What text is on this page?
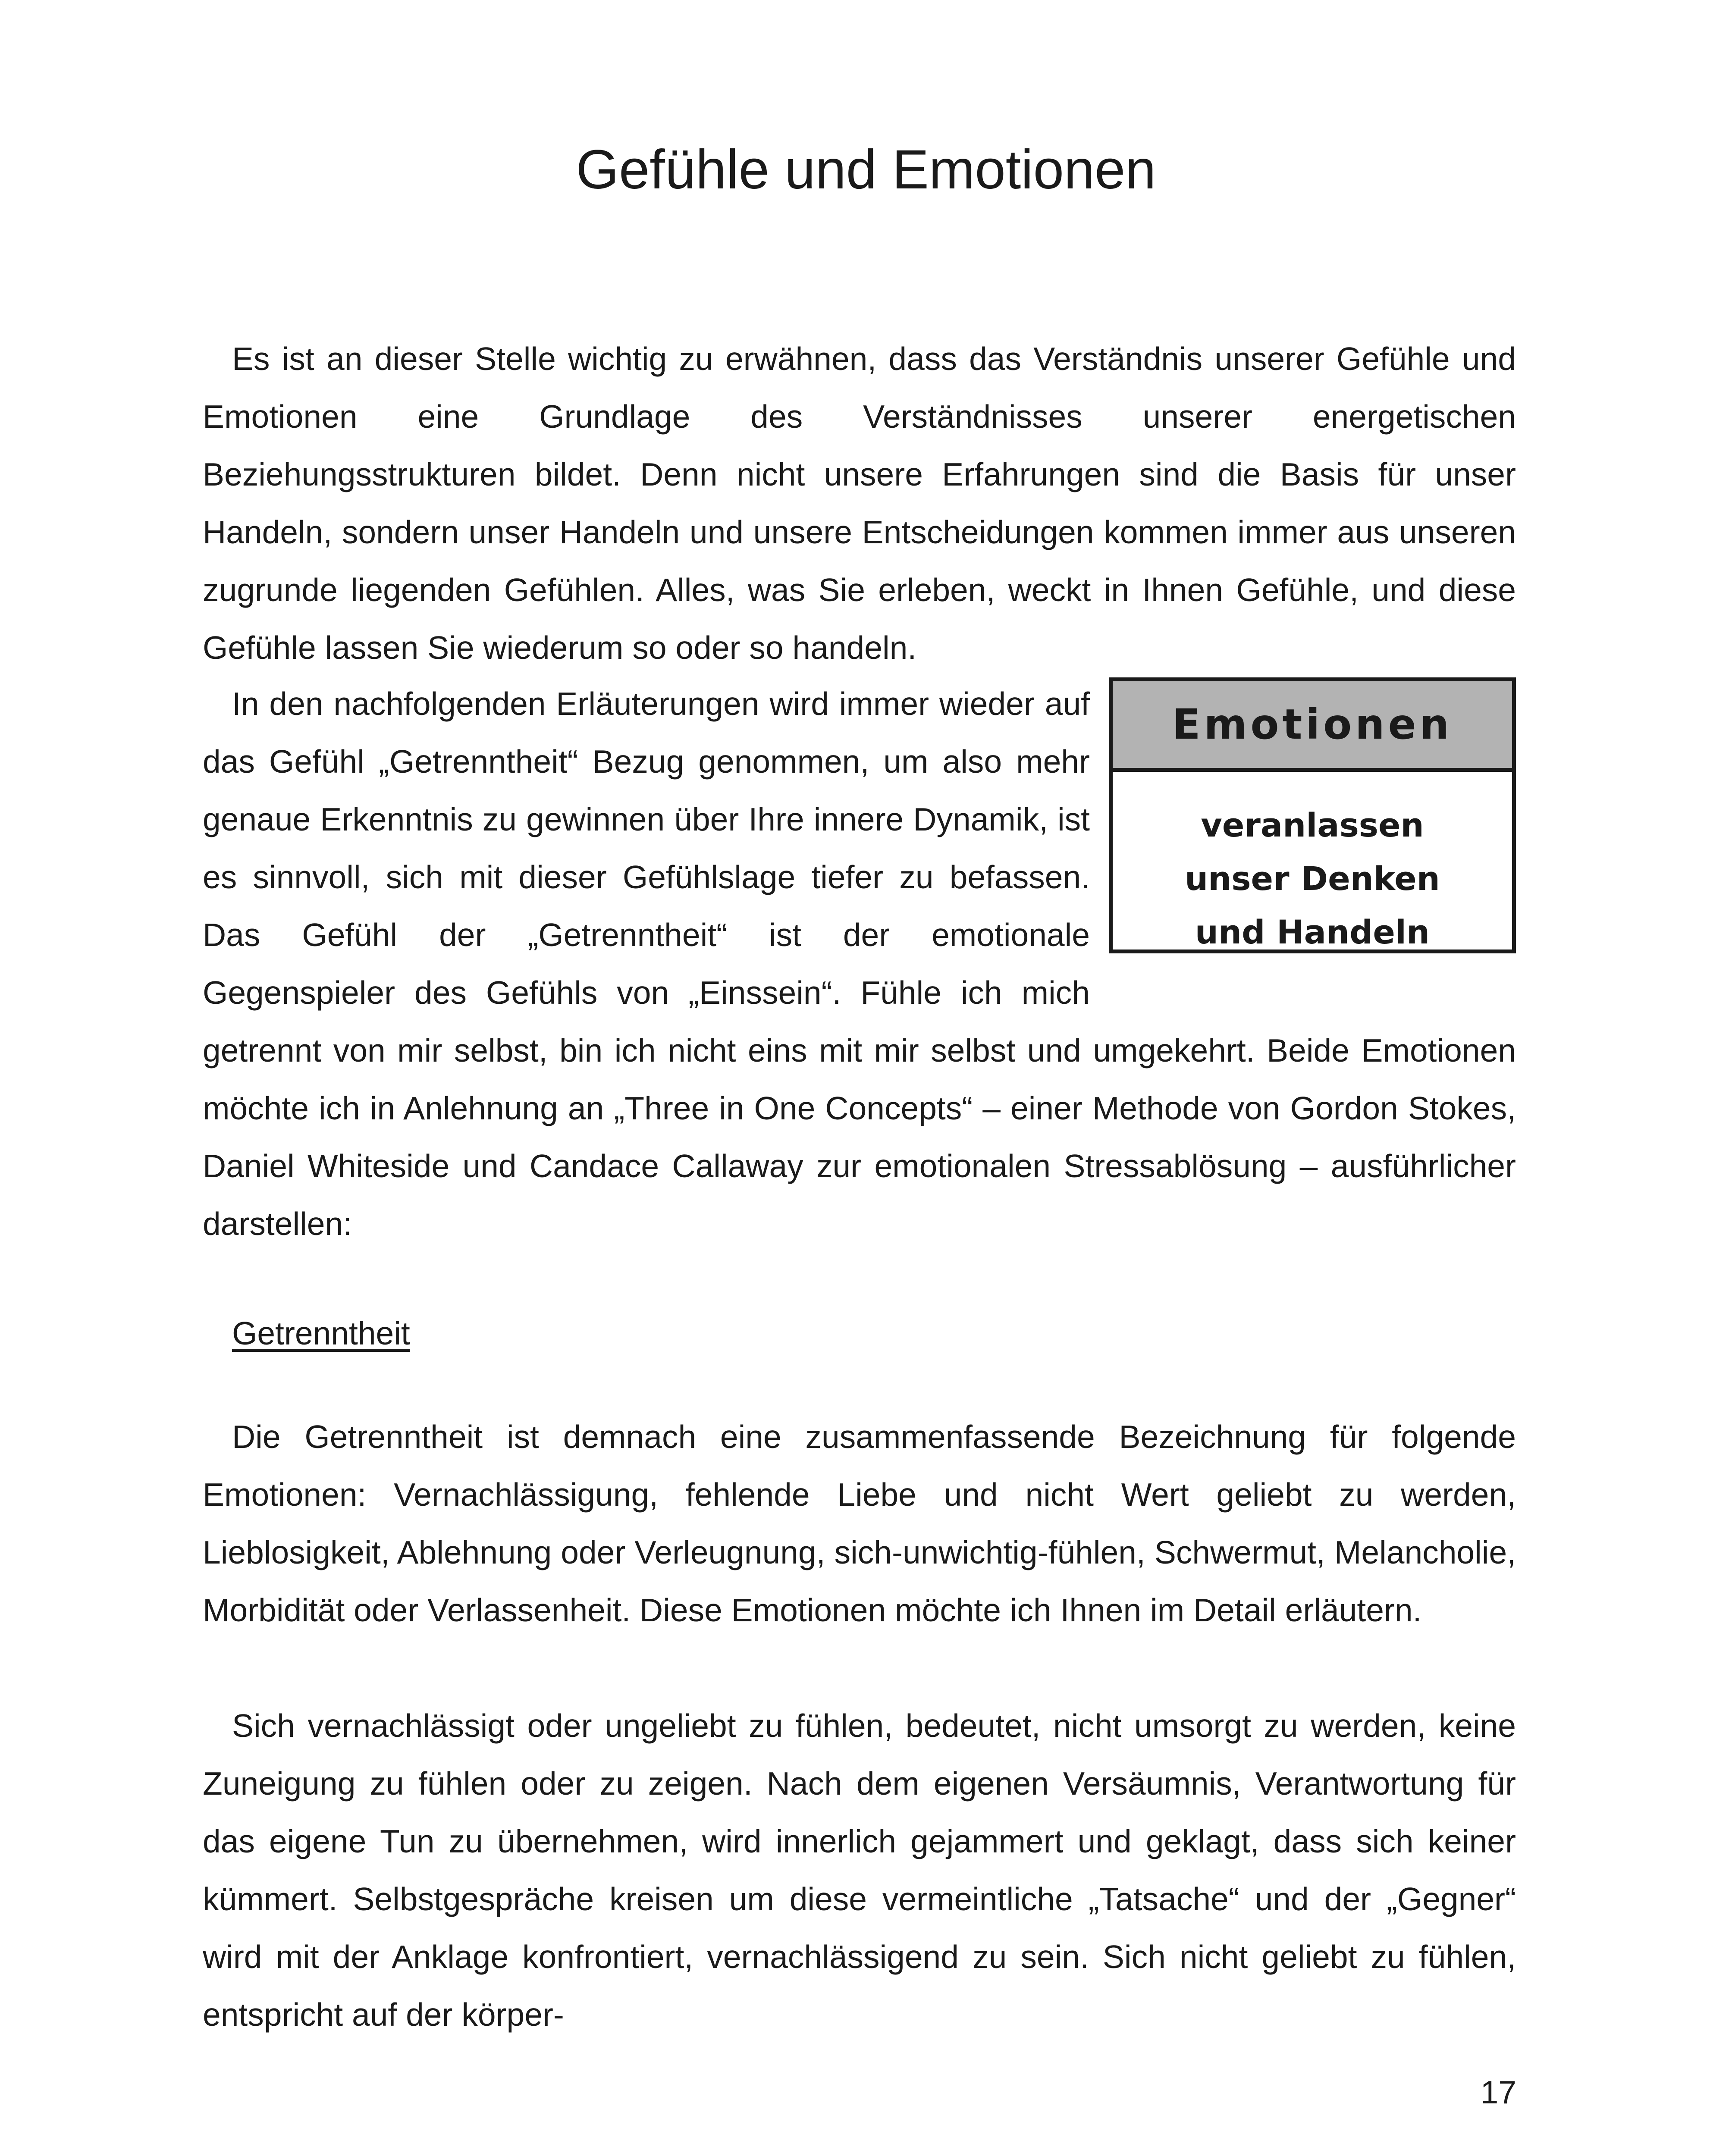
Gefühle und Emotionen

Es ist an dieser Stelle wichtig zu erwähnen, dass das Verständnis unserer Gefühle und Emotionen eine Grundlage des Verständnisses unserer energetischen Beziehungsstrukturen bildet. Denn nicht unsere Erfahrungen sind die Basis für unser Handeln, sondern unser Handeln und unsere Entscheidungen kommen immer aus unseren zugrunde liegenden Gefühlen. Alles, was Sie erleben, weckt in Ihnen Gefühle, und diese Gefühle lassen Sie wiederum so oder so handeln.

Emotionen
veranlassen
unser Denken
und Handeln
In den nachfolgenden Erläuterungen wird immer wieder auf das Gefühl „Getrenntheit“ Bezug genommen, um also mehr genaue Erkenntnis zu gewinnen über Ihre innere Dynamik, ist es sinnvoll, sich mit dieser Gefühlslage tiefer zu befassen. Das Gefühl der „Getrenntheit“ ist der emotionale Gegenspieler des Gefühls von „Einssein“. Fühle ich mich getrennt von mir selbst, bin ich nicht eins mit mir selbst und umgekehrt. Beide Emotionen möchte ich in Anlehnung an „Three in One Concepts“ – einer Methode von Gordon Stokes, Daniel Whiteside und Candace Callaway zur emotionalen Stressablösung – ausführlicher darstellen:

Getrenntheit

Die Getrenntheit ist demnach eine zusammenfassende Bezeichnung für folgende Emotionen: Vernachlässigung, fehlende Liebe und nicht Wert geliebt zu werden, Lieblosigkeit, Ablehnung oder Verleugnung, sich-unwichtig-fühlen, Schwermut, Melancholie, Morbidität oder Verlassenheit. Diese Emotionen möchte ich Ihnen im Detail erläutern.

Sich vernachlässigt oder ungeliebt zu fühlen, bedeutet, nicht umsorgt zu werden, keine Zuneigung zu fühlen oder zu zeigen. Nach dem eigenen Versäumnis, Verantwortung für das eigene Tun zu übernehmen, wird innerlich gejammert und geklagt, dass sich keiner kümmert. Selbstgespräche kreisen um diese vermeintliche „Tatsache“ und der „Gegner“ wird mit der Anklage konfrontiert, vernachlässigend zu sein. Sich nicht geliebt zu fühlen, entspricht auf der körper-

17
